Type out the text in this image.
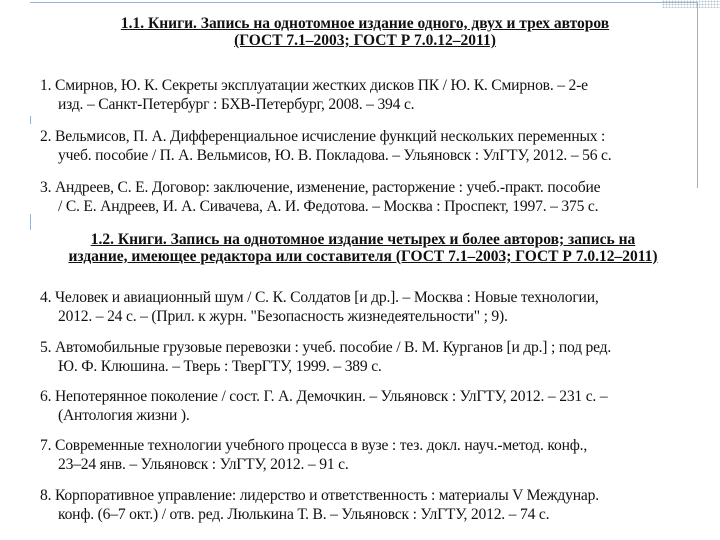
1.1. Книги. Запись на однотомное издание одного, двух и трех авторов
(ГОСТ 7.1–2003; ГОСТ Р 7.0.12–2011)
1. Смирнов, Ю. К. Секреты эксплуатации жестких дисков ПК / Ю. К. Смирнов. – 2-е
изд. – Санкт-Петербург : БХВ-Петербург, 2008. – 394 с.
2. Вельмисов, П. А. Дифференциальное исчисление функций нескольких переменных :
учеб. пособие / П. А. Вельмисов, Ю. В. Покладова. – Ульяновск : УлГТУ, 2012. – 56 с.
3. Андреев, С. Е. Договор: заключение, изменение, расторжение : учеб.-практ. пособие
/ С. Е. Андреев, И. А. Сивачева, А. И. Федотова. – Москва : Проспект, 1997. – 375 с.
1.2. Книги. Запись на однотомное издание четырех и более авторов; запись на
издание, имеющее редактора или составителя (ГОСТ 7.1–2003; ГОСТ Р 7.0.12–2011)
4. Человек и авиационный шум / С. К. Солдатов [и др.]. – Москва : Новые технологии,
2012. – 24 с. – (Прил. к журн. "Безопасность жизнедеятельности" ; 9).
5. Автомобильные грузовые перевозки : учеб. пособие / В. М. Курганов [и др.] ; под ред.
Ю. Ф. Клюшина. – Тверь : ТверГТУ, 1999. – 389 с.
6. Непотерянное поколение / сост. Г. А. Демочкин. – Ульяновск : УлГТУ, 2012. – 231 с. –
(Антология жизни ).
7. Современные технологии учебного процесса в вузе : тез. докл. науч.-метод. конф.,
23–24 янв. – Ульяновск : УлГТУ, 2012. – 91 с.
8. Корпоративное управление: лидерство и ответственность : материалы V Междунар.
конф. (6–7 окт.) / отв. ред. Люлькина Т. В. – Ульяновск : УлГТУ, 2012. – 74 с.
